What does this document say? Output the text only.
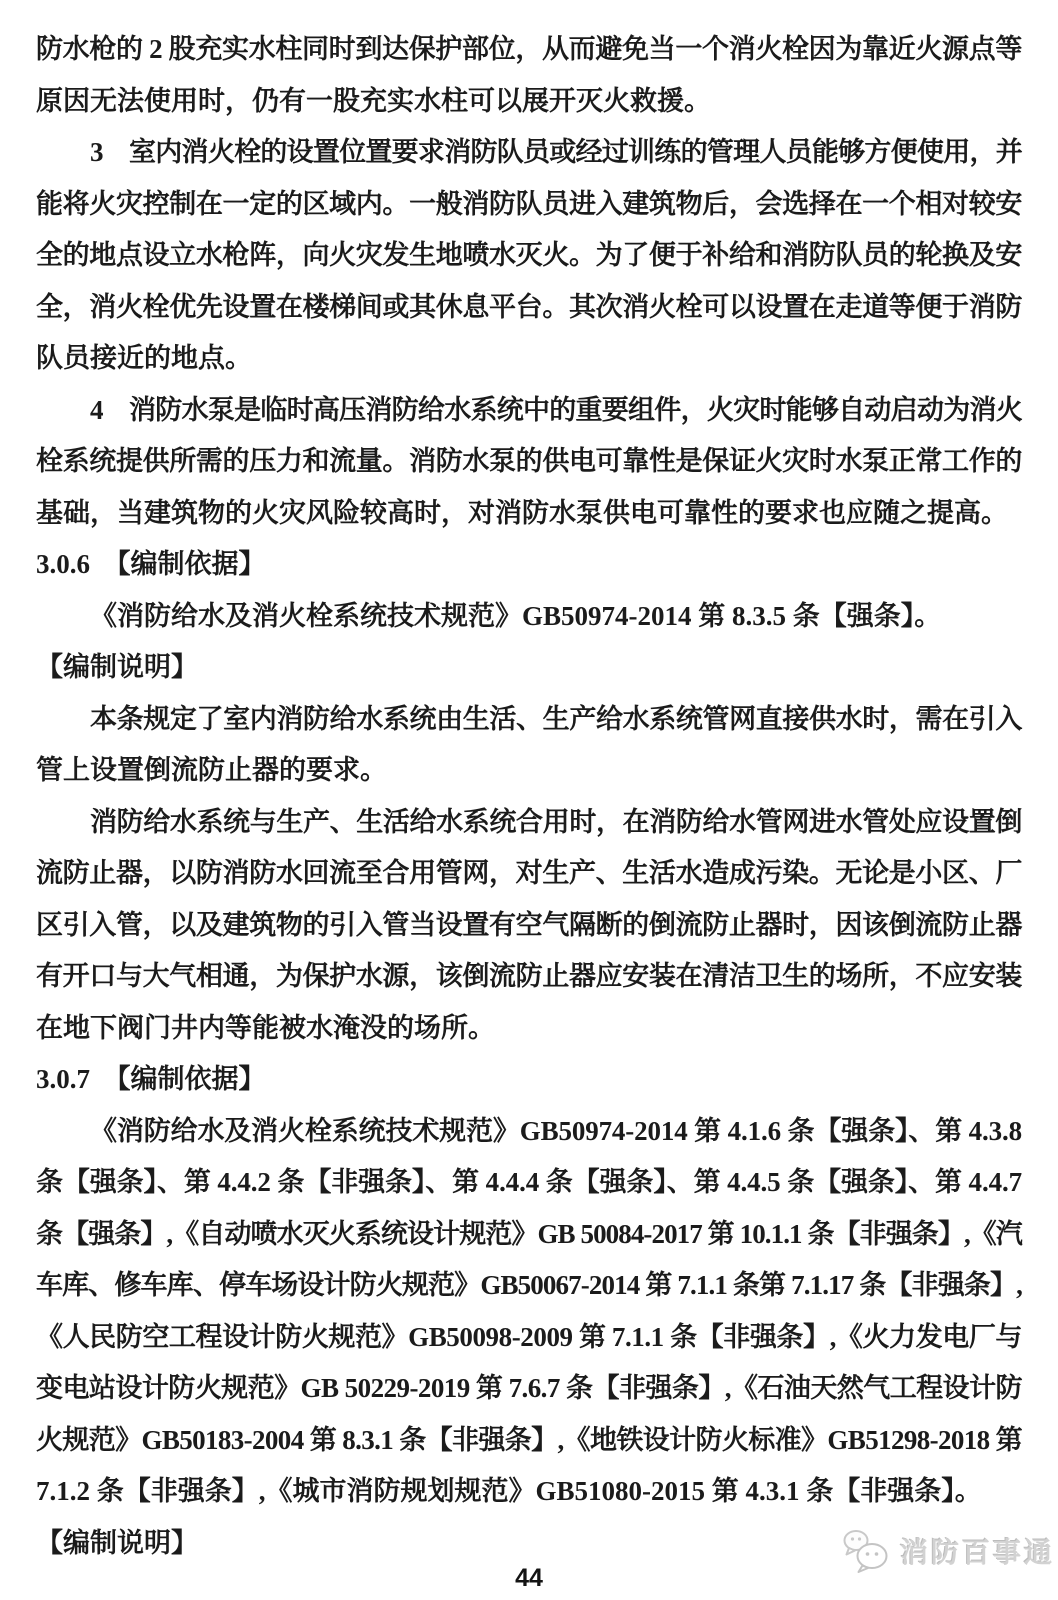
防水枪的 2 股充实水柱同时到达保护部位，从而避免当一个消火栓因为靠近火源点等
原因无法使用时，仍有一股充实水柱可以展开灭火救援。
3　室内消火栓的设置位置要求消防队员或经过训练的管理人员能够方便使用，并
能将火灾控制在一定的区域内。一般消防队员进入建筑物后，会选择在一个相对较安
全的地点设立水枪阵，向火灾发生地喷水灭火。为了便于补给和消防队员的轮换及安
全，消火栓优先设置在楼梯间或其休息平台。其次消火栓可以设置在走道等便于消防
队员接近的地点。
4　消防水泵是临时高压消防给水系统中的重要组件，火灾时能够自动启动为消火
栓系统提供所需的压力和流量。消防水泵的供电可靠性是保证火灾时水泵正常工作的
基础，当建筑物的火灾风险较高时，对消防水泵供电可靠性的要求也应随之提高。
3.0.6　【编制依据】
《消防给水及消火栓系统技术规范》GB50974-2014 第 8.3.5 条【强条】。
【编制说明】
本条规定了室内消防给水系统由生活、生产给水系统管网直接供水时，需在引入
管上设置倒流防止器的要求。
消防给水系统与生产、生活给水系统合用时，在消防给水管网进水管处应设置倒
流防止器，以防消防水回流至合用管网，对生产、生活水造成污染。无论是小区、厂
区引入管，以及建筑物的引入管当设置有空气隔断的倒流防止器时，因该倒流防止器
有开口与大气相通，为保护水源，该倒流防止器应安装在清洁卫生的场所，不应安装
在地下阀门井内等能被水淹没的场所。
3.0.7　【编制依据】
《消防给水及消火栓系统技术规范》GB50974-2014 第 4.1.6 条【强条】、第 4.3.8
条【强条】、第 4.4.2 条【非强条】、第 4.4.4 条【强条】、第 4.4.5 条【强条】、第 4.4.7
条【强条】,《自动喷水灭火系统设计规范》GB 50084-2017 第 10.1.1 条【非强条】,《汽
车库、修车库、停车场设计防火规范》GB50067-2014 第 7.1.1 条第 7.1.17 条【非强条】,
《人民防空工程设计防火规范》GB50098-2009 第 7.1.1 条【非强条】,《火力发电厂与
变电站设计防火规范》GB 50229-2019 第 7.6.7 条【非强条】,《石油天然气工程设计防
火规范》GB50183-2004 第 8.3.1 条【非强条】,《地铁设计防火标准》GB51298-2018 第
7.1.2 条【非强条】,《城市消防规划规范》GB51080-2015 第 4.3.1 条【非强条】。
【编制说明】	消防百事通
44
